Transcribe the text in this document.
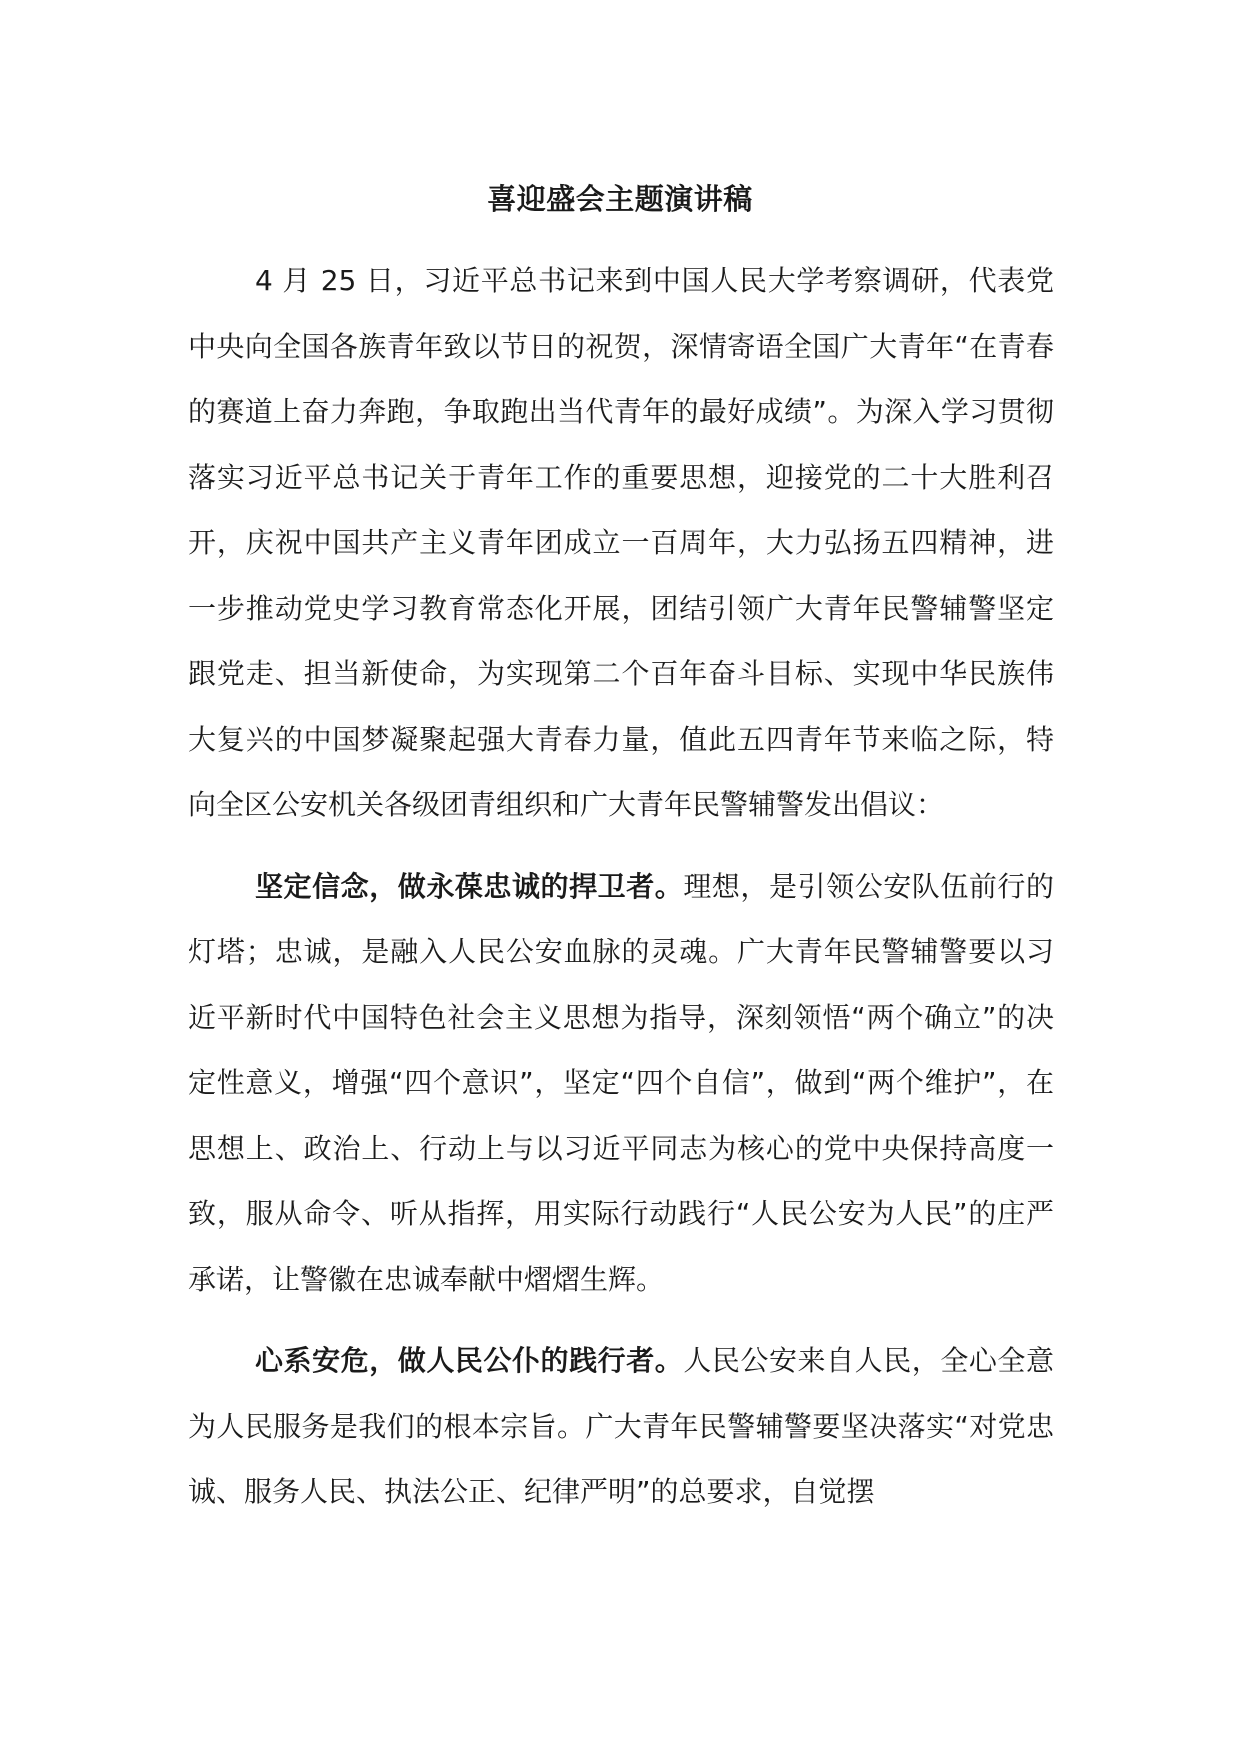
喜迎盛会主题演讲稿

4 月 25 日，习近平总书记来到中国人民大学考察调研，代表党中央向全国各族青年致以节日的祝贺，深情寄语全国广大青年“在青春的赛道上奋力奔跑，争取跑出当代青年的最好成绩”。为深入学习贯彻落实习近平总书记关于青年工作的重要思想，迎接党的二十大胜利召开，庆祝中国共产主义青年团成立一百周年，大力弘扬五四精神，进一步推动党史学习教育常态化开展，团结引领广大青年民警辅警坚定跟党走、担当新使命，为实现第二个百年奋斗目标、实现中华民族伟大复兴的中国梦凝聚起强大青春力量，值此五四青年节来临之际，特向全区公安机关各级团青组织和广大青年民警辅警发出倡议：

坚定信念，做永葆忠诚的捍卫者。理想，是引领公安队伍前行的灯塔；忠诚，是融入人民公安血脉的灵魂。广大青年民警辅警要以习近平新时代中国特色社会主义思想为指导，深刻领悟“两个确立”的决定性意义，增强“四个意识”，坚定“四个自信”，做到“两个维护”，在思想上、政治上、行动上与以习近平同志为核心的党中央保持高度一致，服从命令、听从指挥，用实际行动践行“人民公安为人民”的庄严承诺，让警徽在忠诚奉献中熠熠生辉。

心系安危，做人民公仆的践行者。人民公安来自人民，全心全意为人民服务是我们的根本宗旨。广大青年民警辅警要坚决落实“对党忠诚、服务人民、执法公正、纪律严明”的总要求，自觉摆
